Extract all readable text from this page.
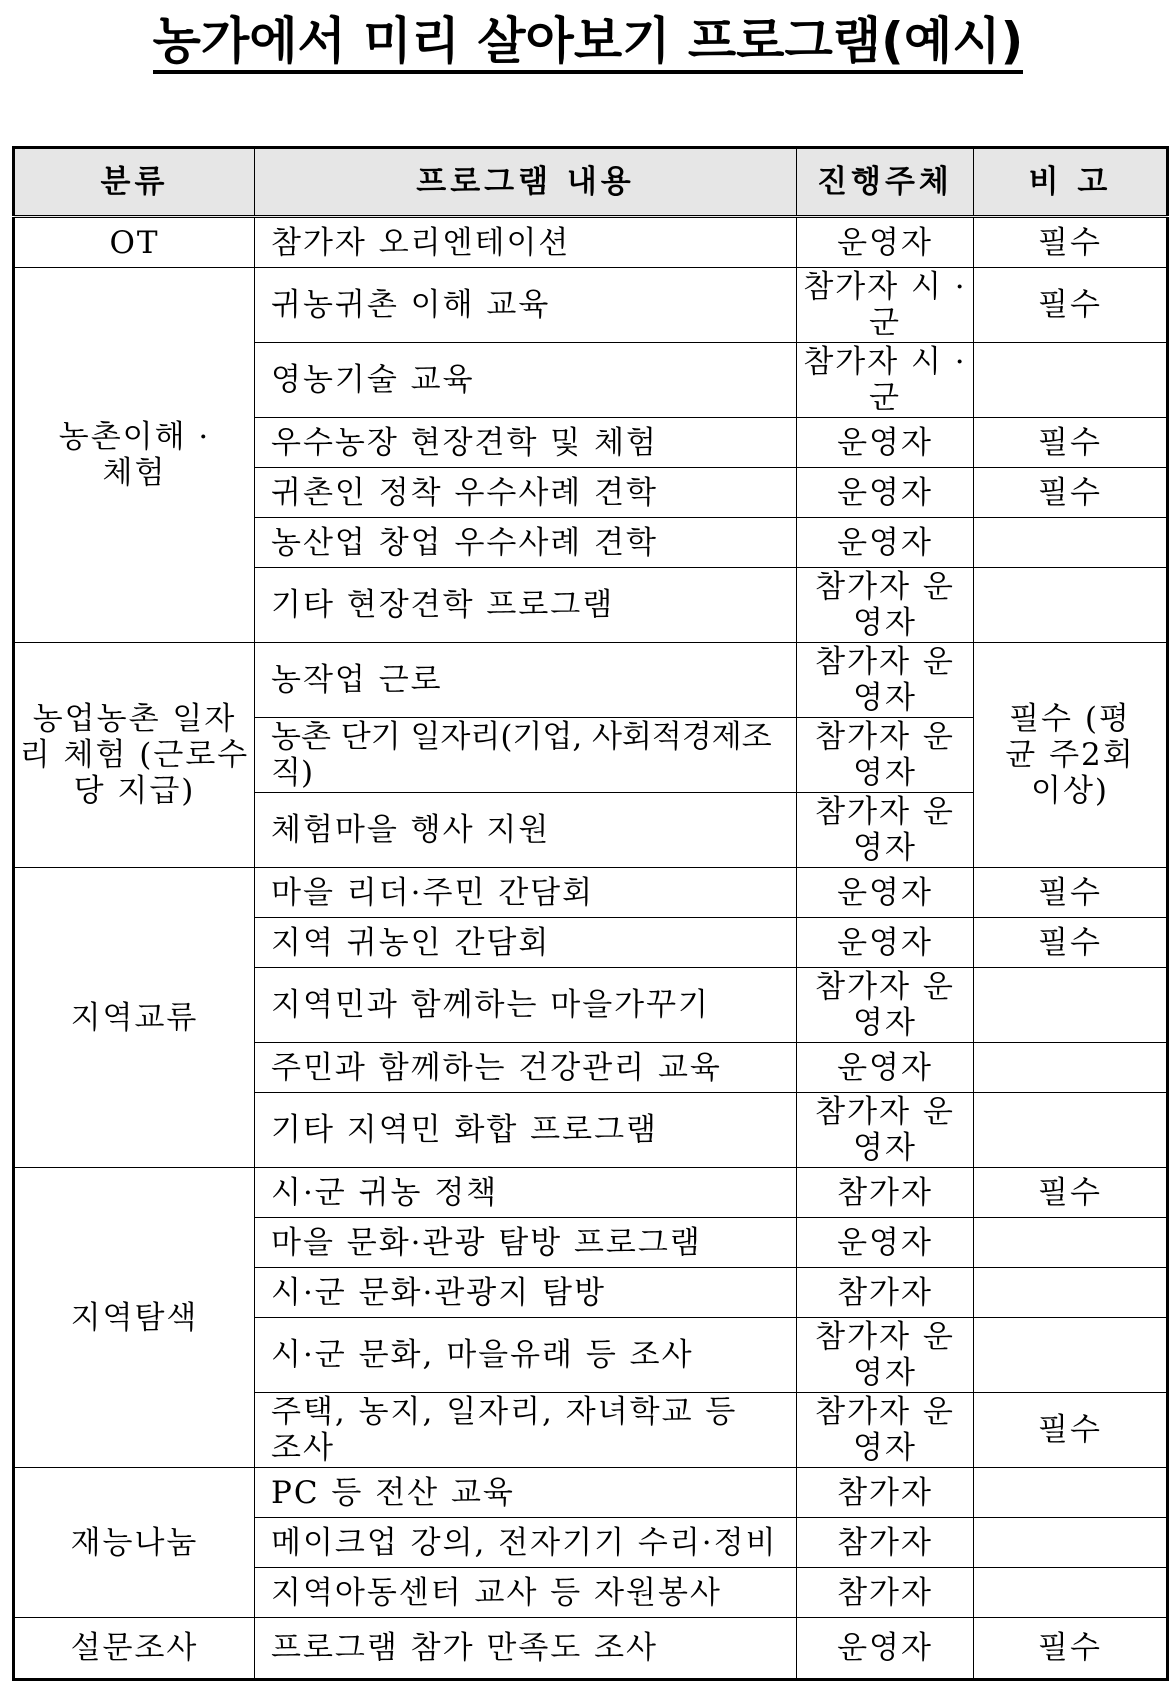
농가에서 미리 살아보기 프로그램(예시)
분류	프로그램 내용	진행주체	비 고
OT	참가자 오리엔테이션	운영자	필수
농촌이해 · 체험	귀농귀촌 이해 교육	참가자 시 · 군	필수
	영농기술 교육	참가자 시 · 군	
	우수농장 현장견학 및 체험	운영자	필수
	귀촌인 정착 우수사례 견학	운영자	필수
	농산업 창업 우수사례 견학	운영자	
	기타 현장견학 프로그램	참가자 운영자	
농업농촌 일자리 체험 (근로수당 지급)	농작업 근로	참가자 운영자	필수 (평균 주2회 이상)
	농촌 단기 일자리(기업, 사회적경제조직)	참가자 운영자	
	체험마을 행사 지원	참가자 운영자	
지역교류	마을 리더·주민 간담회	운영자	필수
	지역 귀농인 간담회	운영자	필수
	지역민과 함께하는 마을가꾸기	참가자 운영자	
	주민과 함께하는 건강관리 교육	운영자	
	기타 지역민 화합 프로그램	참가자 운영자	
지역탐색	시·군 귀농 정책	참가자	필수
	마을 문화·관광 탐방 프로그램	운영자	
	시·군 문화·관광지 탐방	참가자	
	시·군 문화, 마을유래 등 조사	참가자 운영자	
	주택, 농지, 일자리, 자녀학교 등 조사	참가자 운영자	필수
재능나눔	PC 등 전산 교육	참가자	
	메이크업 강의, 전자기기 수리·정비	참가자	
	지역아동센터 교사 등 자원봉사	참가자	
설문조사	프로그램 참가 만족도 조사	운영자	필수
